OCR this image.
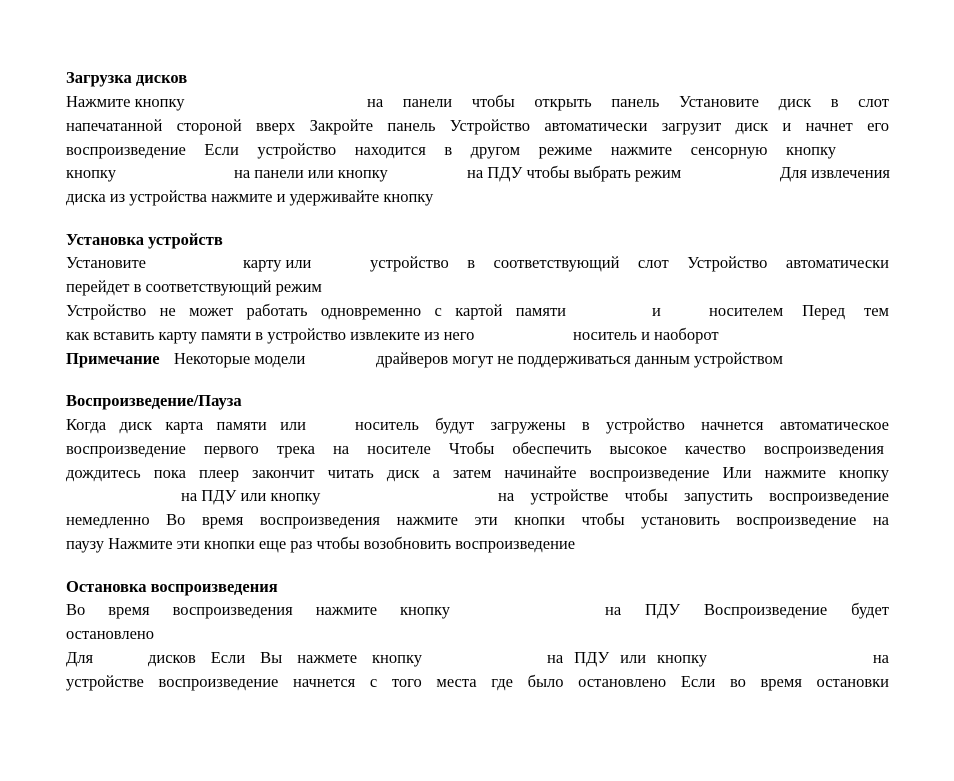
Загрузка дисков
Нажмите кнопку	на панели чтобы открыть панель Установите диск в слот
напечатанной стороной вверх Закройте панель Устройство автоматически загрузит диск и начнет его
воспроизведение Если устройство находится в другом режиме нажмите сенсорную кнопку
кнопку	на панели или кнопку	на ПДУ чтобы выбрать режим	Для извлечения
диска из устройства нажмите и удерживайте кнопку
Установка устройств
Установите	карту или	устройство в соответствующий слот Устройство автоматически
перейдет в соответствующий режим
Устройство не может работать одновременно с картой памяти	и	носителем Перед тем
как вставить карту памяти в устройство извлеките из него	носитель и наоборот
Примечание Некоторые модели	драйверов могут не поддерживаться данным устройством
Воспроизведение/Пауза
Когда диск карта памяти или	носитель будут загружены в устройство начнется автоматическое
воспроизведение первого трека на носителе Чтобы обеспечить высокое качество воспроизведения
дождитесь пока плеер закончит читать диск а затем начинайте воспроизведение Или нажмите кнопку
на ПДУ или кнопку	на устройстве чтобы запустить воспроизведение
немедленно Во время воспроизведения нажмите эти кнопки чтобы установить воспроизведение на
паузу Нажмите эти кнопки еще раз чтобы возобновить воспроизведение
Остановка воспроизведения
Во время воспроизведения нажмите кнопку	на ПДУ Воспроизведение будет
остановлено
Для	дисков Если Вы нажмете кнопку	на ПДУ или кнопку	на
устройстве воспроизведение начнется с того места где было остановлено Если во время остановки
